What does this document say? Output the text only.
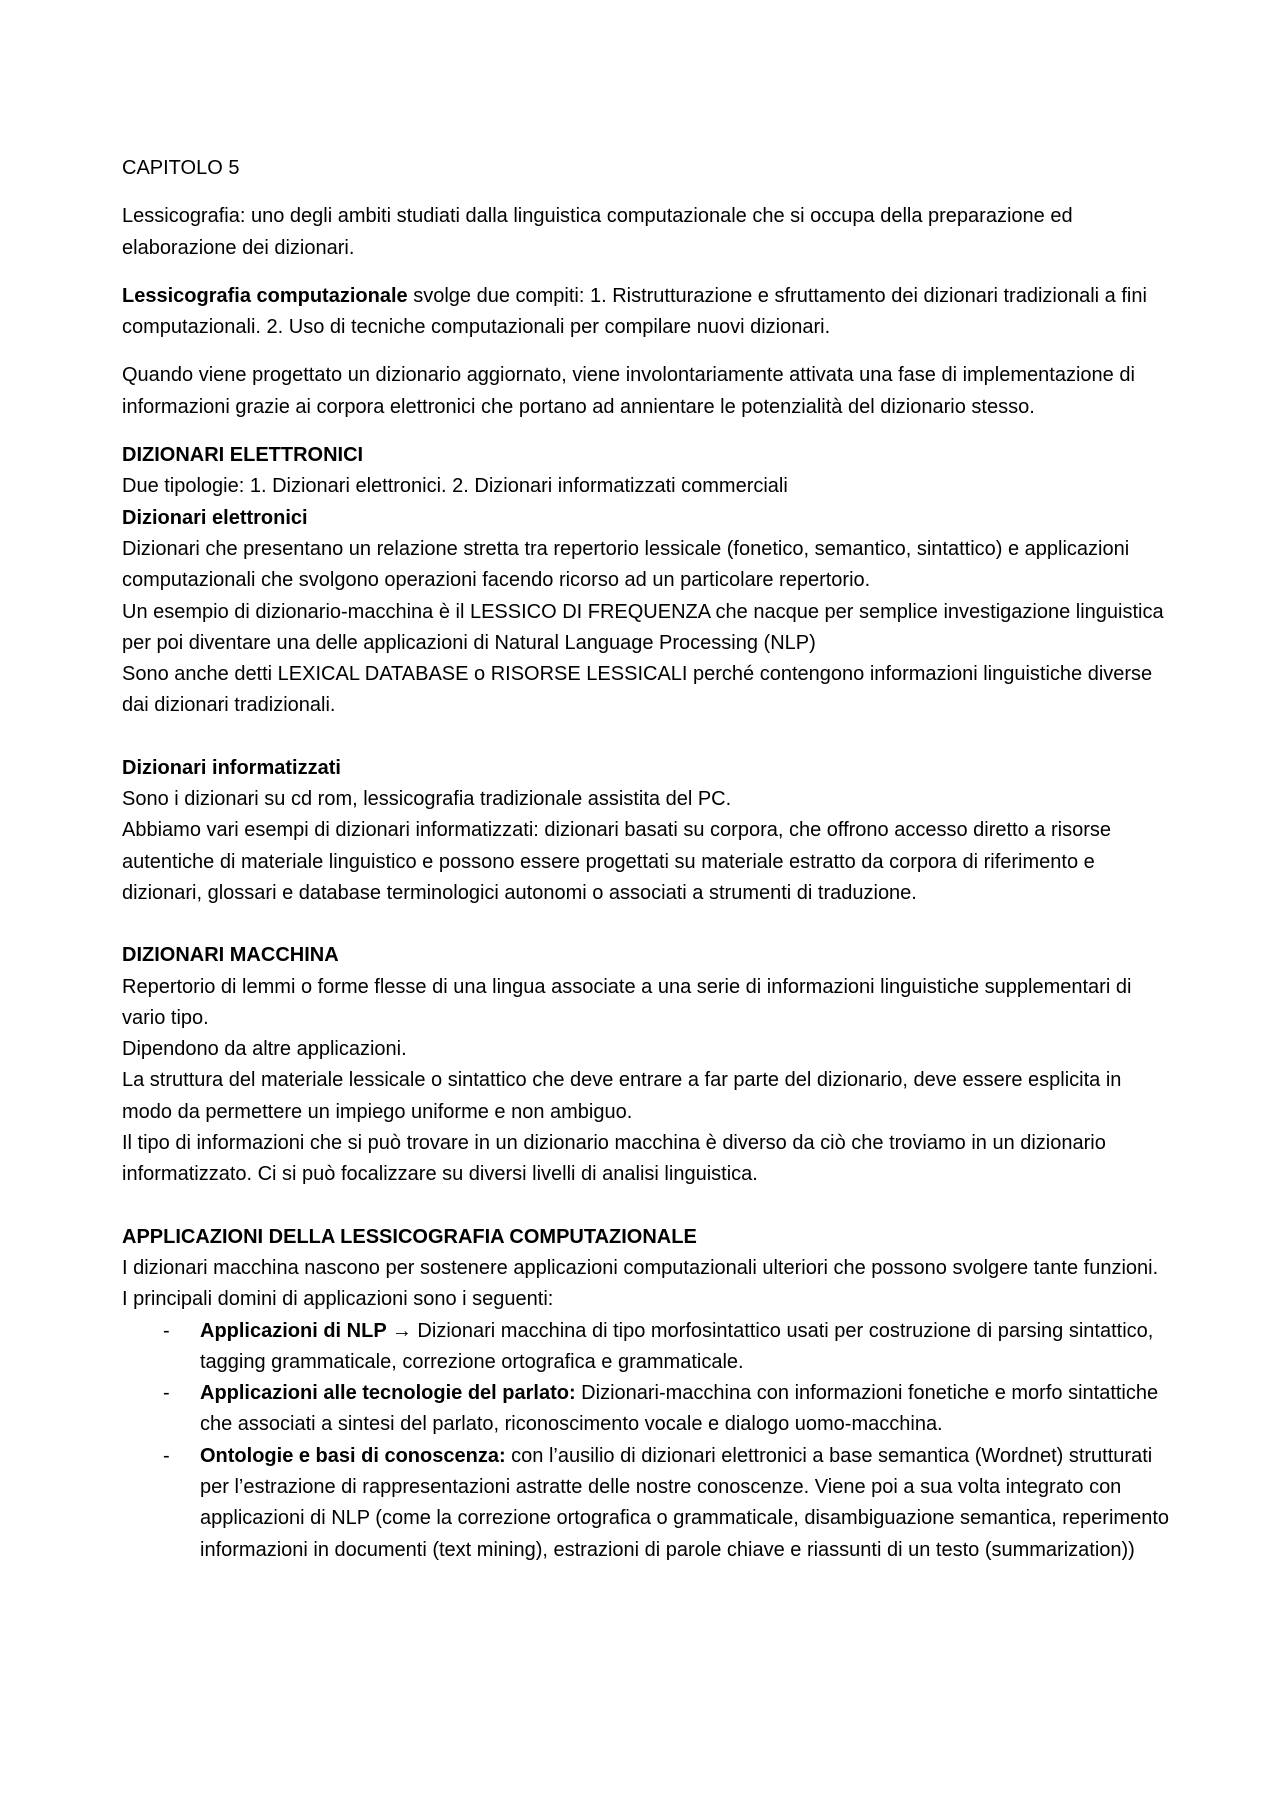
CAPITOLO 5

Lessicografia: uno degli ambiti studiati dalla linguistica computazionale che si occupa della preparazione ed elaborazione dei dizionari.

Lessicografia computazionale svolge due compiti: 1. Ristrutturazione e sfruttamento dei dizionari tradizionali a fini computazionali. 2. Uso di tecniche computazionali per compilare nuovi dizionari.

Quando viene progettato un dizionario aggiornato, viene involontariamente attivata una fase di implementazione di informazioni grazie ai corpora elettronici che portano ad annientare le potenzialità del dizionario stesso.

DIZIONARI ELETTRONICI
Due tipologie: 1. Dizionari elettronici. 2. Dizionari informatizzati commerciali
Dizionari elettronici
Dizionari che presentano un relazione stretta tra repertorio lessicale (fonetico, semantico, sintattico) e applicazioni computazionali che svolgono operazioni facendo ricorso ad un particolare repertorio.
Un esempio di dizionario-macchina è il LESSICO DI FREQUENZA che nacque per semplice investigazione linguistica per poi diventare una delle applicazioni di Natural Language Processing (NLP)
Sono anche detti LEXICAL DATABASE o RISORSE LESSICALI perché contengono informazioni linguistiche diverse dai dizionari tradizionali.
Dizionari informatizzati
Sono i dizionari su cd rom, lessicografia tradizionale assistita del PC.
Abbiamo vari esempi di dizionari informatizzati: dizionari basati su corpora, che offrono accesso diretto a risorse autentiche di materiale linguistico e possono essere progettati su materiale estratto da corpora di riferimento e dizionari, glossari e database terminologici autonomi o associati a strumenti di traduzione.
DIZIONARI MACCHINA
Repertorio di lemmi o forme flesse di una lingua associate a una serie di informazioni linguistiche supplementari di vario tipo.
Dipendono da altre applicazioni.
La struttura del materiale lessicale o sintattico che deve entrare a far parte del dizionario, deve essere esplicita in modo da permettere un impiego uniforme e non ambiguo.
Il tipo di informazioni che si può trovare in un dizionario macchina è diverso da ciò che troviamo in un dizionario informatizzato. Ci si può focalizzare su diversi livelli di analisi linguistica.
APPLICAZIONI DELLA LESSICOGRAFIA COMPUTAZIONALE
I dizionari macchina nascono per sostenere applicazioni computazionali ulteriori che possono svolgere tante funzioni.
I principali domini di applicazioni sono i seguenti:
- Applicazioni di NLP → Dizionari macchina di tipo morfosintattico usati per costruzione di parsing sintattico, tagging grammaticale, correzione ortografica e grammaticale.
- Applicazioni alle tecnologie del parlato: Dizionari-macchina con informazioni fonetiche e morfo sintattiche che associati a sintesi del parlato, riconoscimento vocale e dialogo uomo-macchina.
- Ontologie e basi di conoscenza: con l’ausilio di dizionari elettronici a base semantica (Wordnet) strutturati per l’estrazione di rappresentazioni astratte delle nostre conoscenze. Viene poi a sua volta integrato con applicazioni di NLP (come la correzione ortografica o grammaticale, disambiguazione semantica, reperimento informazioni in documenti (text mining), estrazioni di parole chiave e riassunti di un testo (summarization))
